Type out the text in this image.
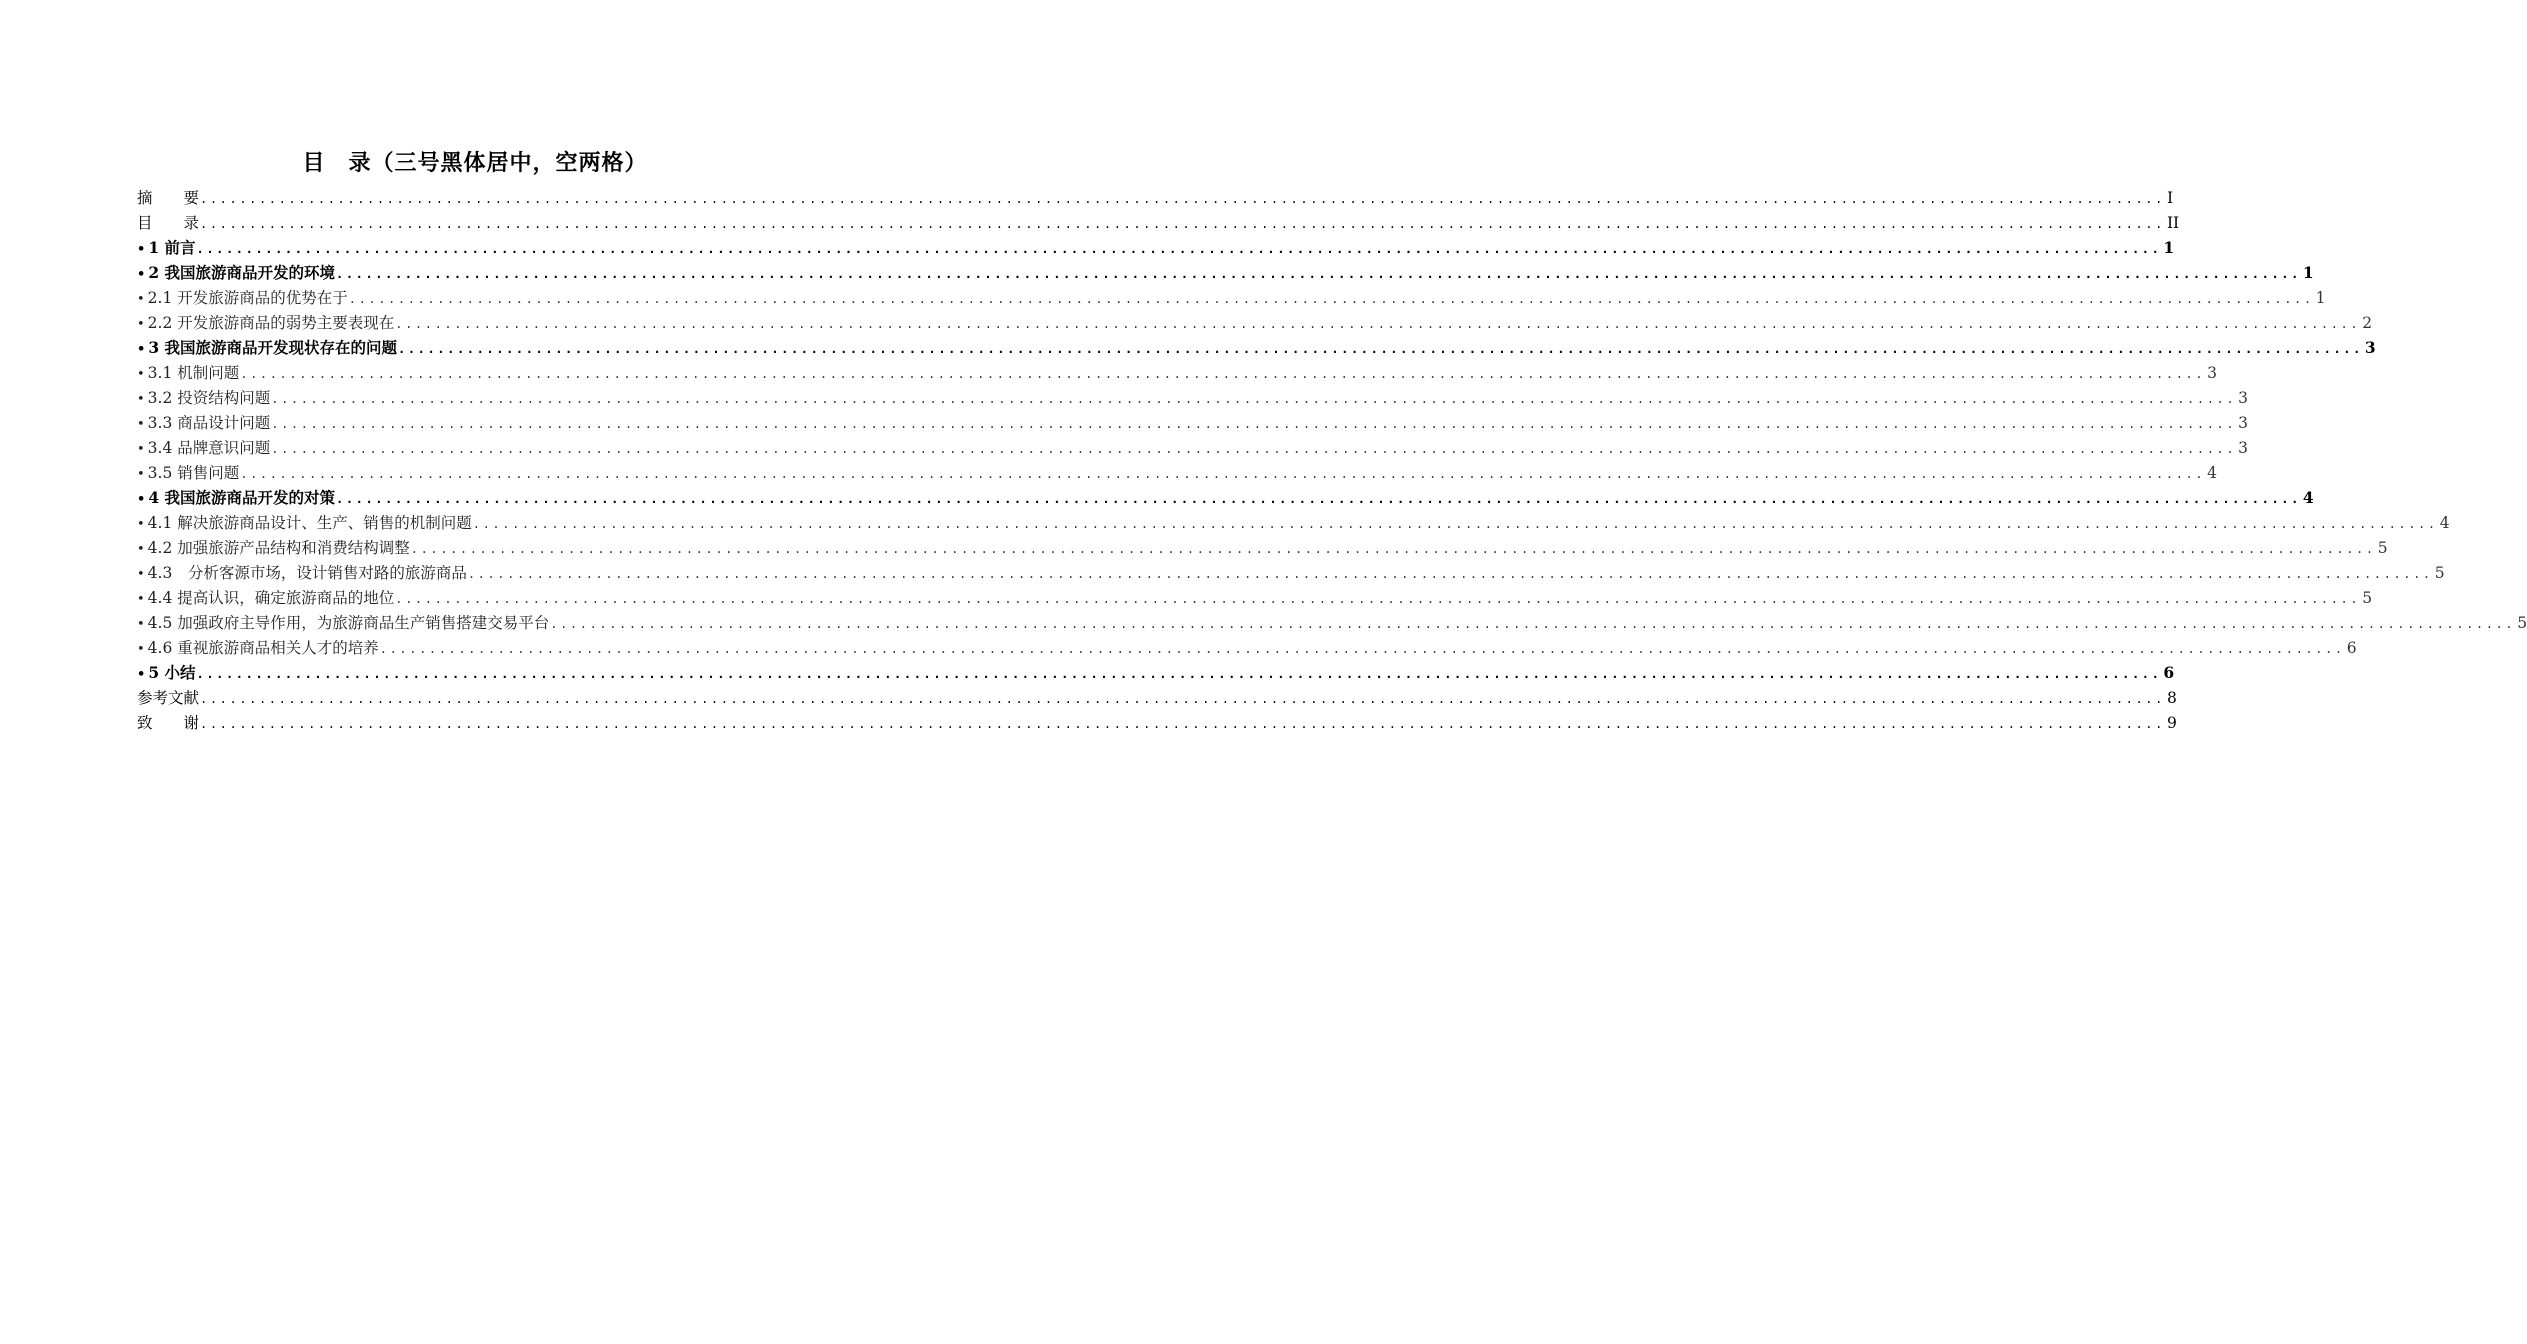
目　录（三号黑体居中，空两格）
摘　　要 ........................................................................................................................................................................................................ I
目　　录 ........................................................................................................................................................................................................ II
• 1 前言 ........................................................................................................................................................................................................ 1
• 2 我国旅游商品开发的环境 ........................................................................................................................................................................................................ 1
• 2.1 开发旅游商品的优势在于 ........................................................................................................................................................................................................ 1
• 2.2 开发旅游商品的弱势主要表现在 ........................................................................................................................................................................................................ 2
• 3 我国旅游商品开发现状存在的问题 ........................................................................................................................................................................................................ 3
• 3.1 机制问题 ........................................................................................................................................................................................................ 3
• 3.2 投资结构问题 ........................................................................................................................................................................................................ 3
• 3.3 商品设计问题 ........................................................................................................................................................................................................ 3
• 3.4 品牌意识问题 ........................................................................................................................................................................................................ 3
• 3.5 销售问题 ........................................................................................................................................................................................................ 4
• 4 我国旅游商品开发的对策 ........................................................................................................................................................................................................ 4
• 4.1 解决旅游商品设计、生产、销售的机制问题 ........................................................................................................................................................................................................ 4
• 4.2 加强旅游产品结构和消费结构调整 ........................................................................................................................................................................................................ 5
• 4.3　分析客源市场，设计销售对路的旅游商品 ........................................................................................................................................................................................................ 5
• 4.4 提高认识，确定旅游商品的地位 ........................................................................................................................................................................................................ 5
• 4.5 加强政府主导作用，为旅游商品生产销售搭建交易平台 ........................................................................................................................................................................................................ 5
• 4.6 重视旅游商品相关人才的培养 ........................................................................................................................................................................................................ 6
• 5 小结 ........................................................................................................................................................................................................ 6
参考文献 ........................................................................................................................................................................................................ 8
致　　谢 ........................................................................................................................................................................................................ 9
